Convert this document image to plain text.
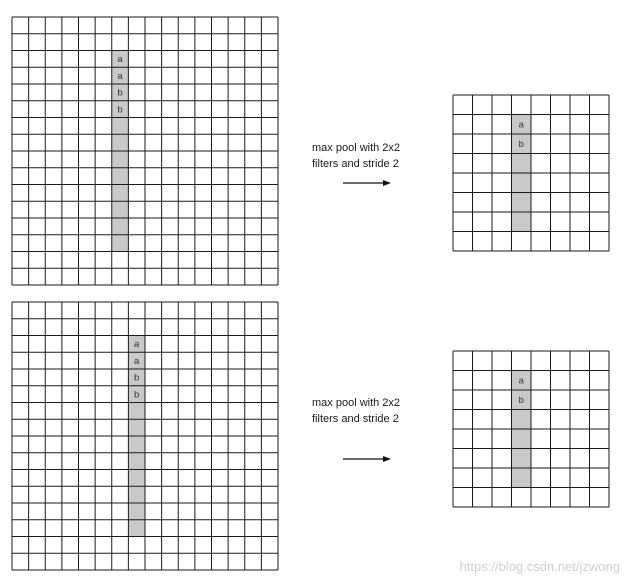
a
a
b
b
a
b
a
a
b
b
a
b
max pool with 2x2
filters and stride 2
max pool with 2x2
filters and stride 2
https://blog.csdn.net/jzwong
